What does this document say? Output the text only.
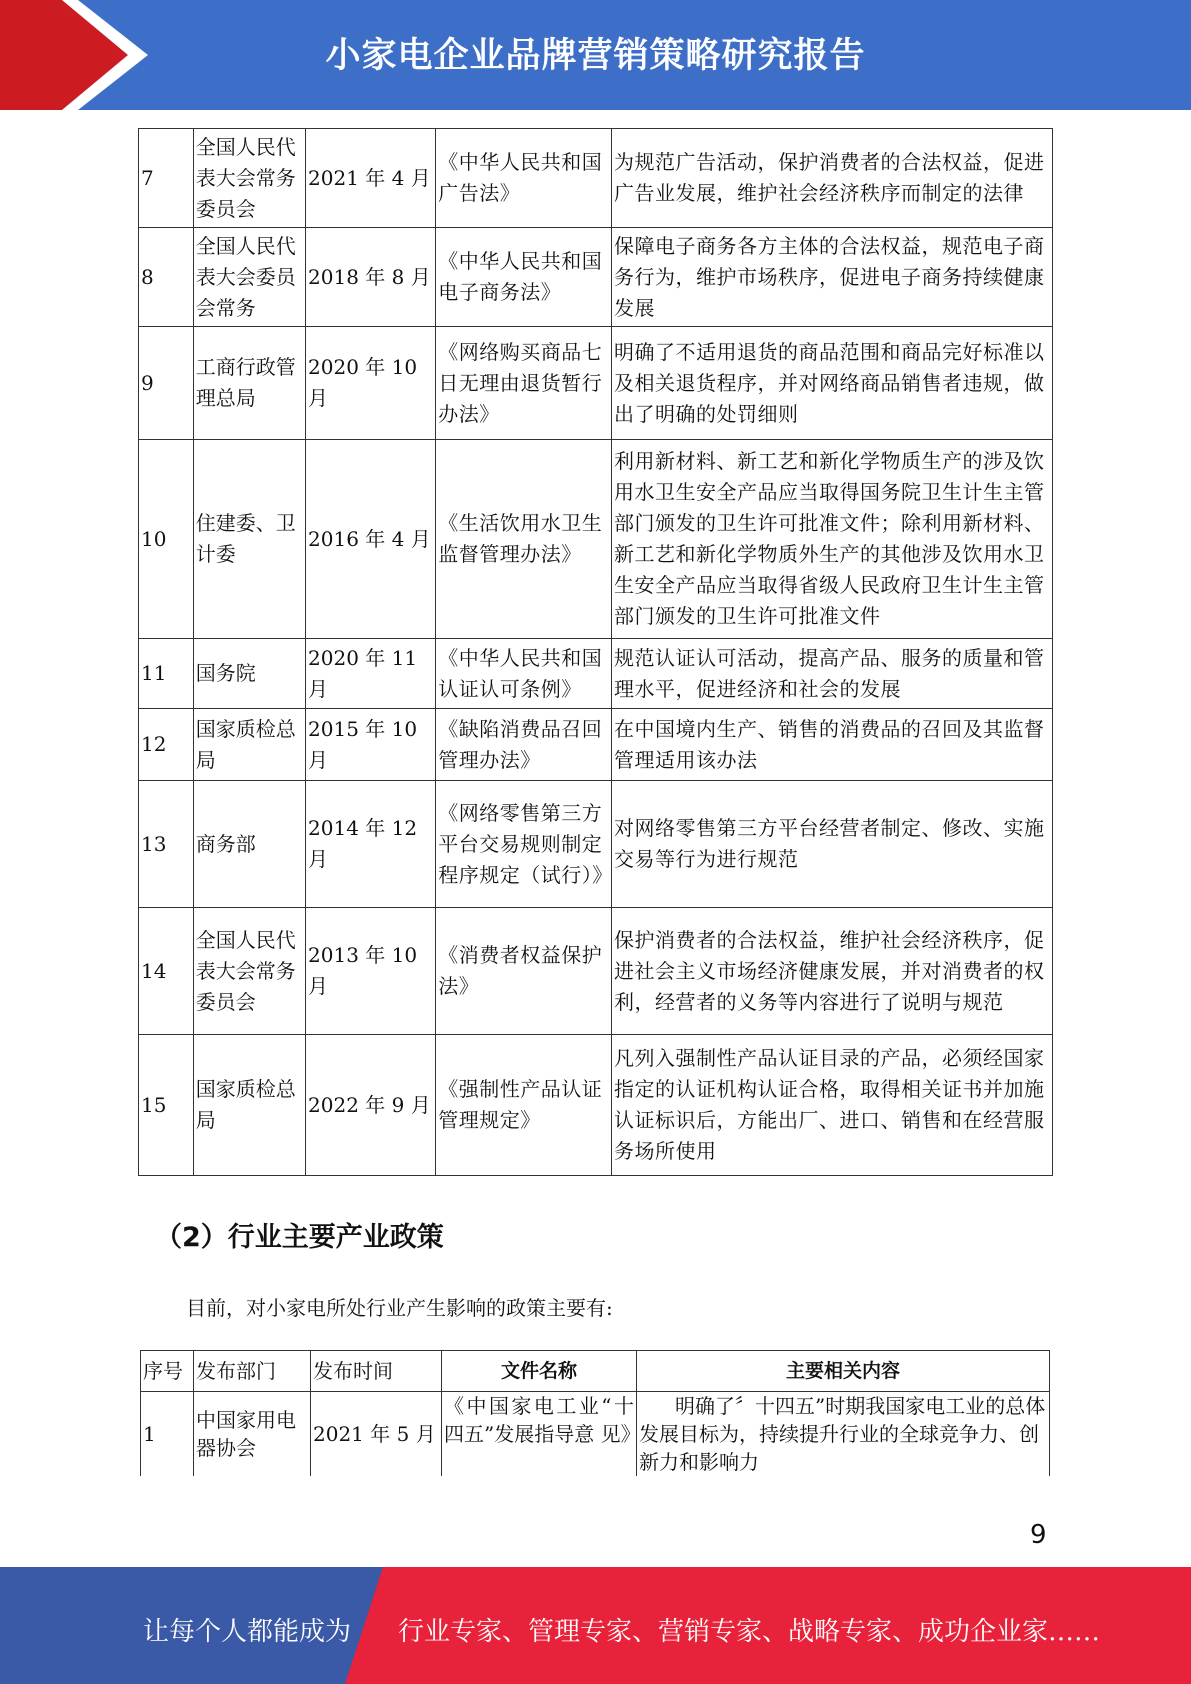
小家电企业品牌营销策略研究报告
7	全国人民代表大会常务委员会	2021 年 4 月	《中华人民共和国广告法》	为规范广告活动，保护消费者的合法权益，促进广告业发展，维护社会经济秩序而制定的法律
8	全国人民代表大会委员会常务	2018 年 8 月	《中华人民共和国电子商务法》	保障电子商务各方主体的合法权益，规范电子商务行为，维护市场秩序，促进电子商务持续健康发展
9	工商行政管理总局	2020 年 10 月	《网络购买商品七日无理由退货暂行办法》	明确了不适用退货的商品范围和商品完好标准以及相关退货程序，并对网络商品销售者违规，做出了明确的处罚细则
10	住建委、卫计委	2016 年 4 月	《生活饮用水卫生监督管理办法》	利用新材料、新工艺和新化学物质生产的涉及饮用水卫生安全产品应当取得国务院卫生计生主管部门颁发的卫生许可批准文件；除利用新材料、新工艺和新化学物质外生产的其他涉及饮用水卫生安全产品应当取得省级人民政府卫生计生主管部门颁发的卫生许可批准文件
11	国务院	2020 年 11 月	《中华人民共和国认证认可条例》	规范认证认可活动，提高产品、服务的质量和管理水平，促进经济和社会的发展
12	国家质检总局	2015 年 10 月	《缺陷消费品召回管理办法》	在中国境内生产、销售的消费品的召回及其监督管理适用该办法
13	商务部	2014 年 12 月	《网络零售第三方平台交易规则制定程序规定（试行）》	对网络零售第三方平台经营者制定、修改、实施交易等行为进行规范
14	全国人民代表大会常务委员会	2013 年 10 月	《消费者权益保护法》	保护消费者的合法权益，维护社会经济秩序，促进社会主义市场经济健康发展，并对消费者的权利，经营者的义务等内容进行了说明与规范
15	国家质检总局	2022 年 9 月	《强制性产品认证管理规定》	凡列入强制性产品认证目录的产品，必须经国家指定的认证机构认证合格，取得相关证书并加施认证标识后，方能出厂、进口、销售和在经营服务场所使用
（2）行业主要产业政策
目前，对小家电所处行业产生影响的政策主要有:
序号	发布部门	发布时间	文件名称	主要相关内容
1	中国家用电器协会	2021 年 5 月	《中国家电工业“十 四五”发展指导意 见》	明确了〞十四五”时期我国家电工业的总体 发展目标为，持续提升行业的全球竞争力、创新力和影响力
9
让每个人都能成为 行业专家、管理专家、营销专家、战略专家、成功企业家……
